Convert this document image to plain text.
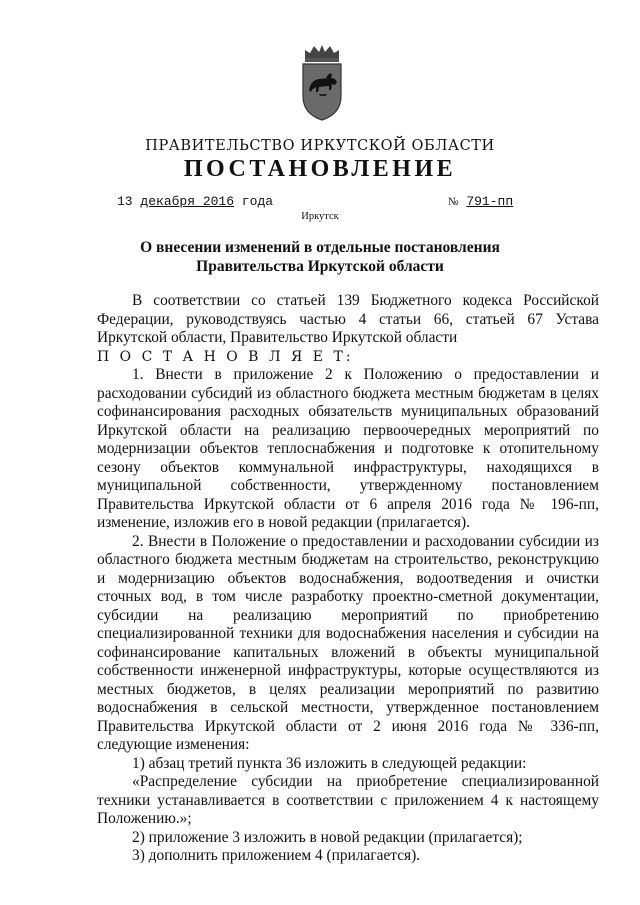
ПРАВИТЕЛЬСТВО ИРКУТСКОЙ ОБЛАСТИ
ПОСТАНОВЛЕНИЕ
13 декабря 2016 года	№ 791-пп
Иркутск
О внесении изменений в отдельные постановления Правительства Иркутской области

В соответствии со статьей 139 Бюджетного кодекса Российской Федерации, руководствуясь частью 4 статьи 66, статьей 67 Устава Иркутской области, Правительство Иркутской области

П О С Т А Н О В Л Я Е Т:

1. Внести в приложение 2 к Положению о предоставлении и расходовании субсидий из областного бюджета местным бюджетам в целях софинансирования расходных обязательств муниципальных образований Иркутской области на реализацию первоочередных мероприятий по модернизации объектов теплоснабжения и подготовке к отопительному сезону объектов коммунальной инфраструктуры, находящихся в муниципальной собственности, утвержденному постановлением Правительства Иркутской области от 6 апреля 2016 года № 196-пп, изменение, изложив его в новой редакции (прилагается).

2. Внести в Положение о предоставлении и расходовании субсидии из областного бюджета местным бюджетам на строительство, реконструкцию и модернизацию объектов водоснабжения, водоотведения и очистки сточных вод, в том числе разработку проектно-сметной документации, субсидии на реализацию мероприятий по приобретению специализированной техники для водоснабжения населения и субсидии на софинансирование капитальных вложений в объекты муниципальной собственности инженерной инфраструктуры, которые осуществляются из местных бюджетов, в целях реализации мероприятий по развитию водоснабжения в сельской местности, утвержденное постановлением Правительства Иркутской области от 2 июня 2016 года № 336-пп, следующие изменения:

1) абзац третий пункта 36 изложить в следующей редакции:

«Распределение субсидии на приобретение специализированной техники устанавливается в соответствии с приложением 4 к настоящему Положению.»;

2) приложение 3 изложить в новой редакции (прилагается);

3) дополнить приложением 4 (прилагается).
